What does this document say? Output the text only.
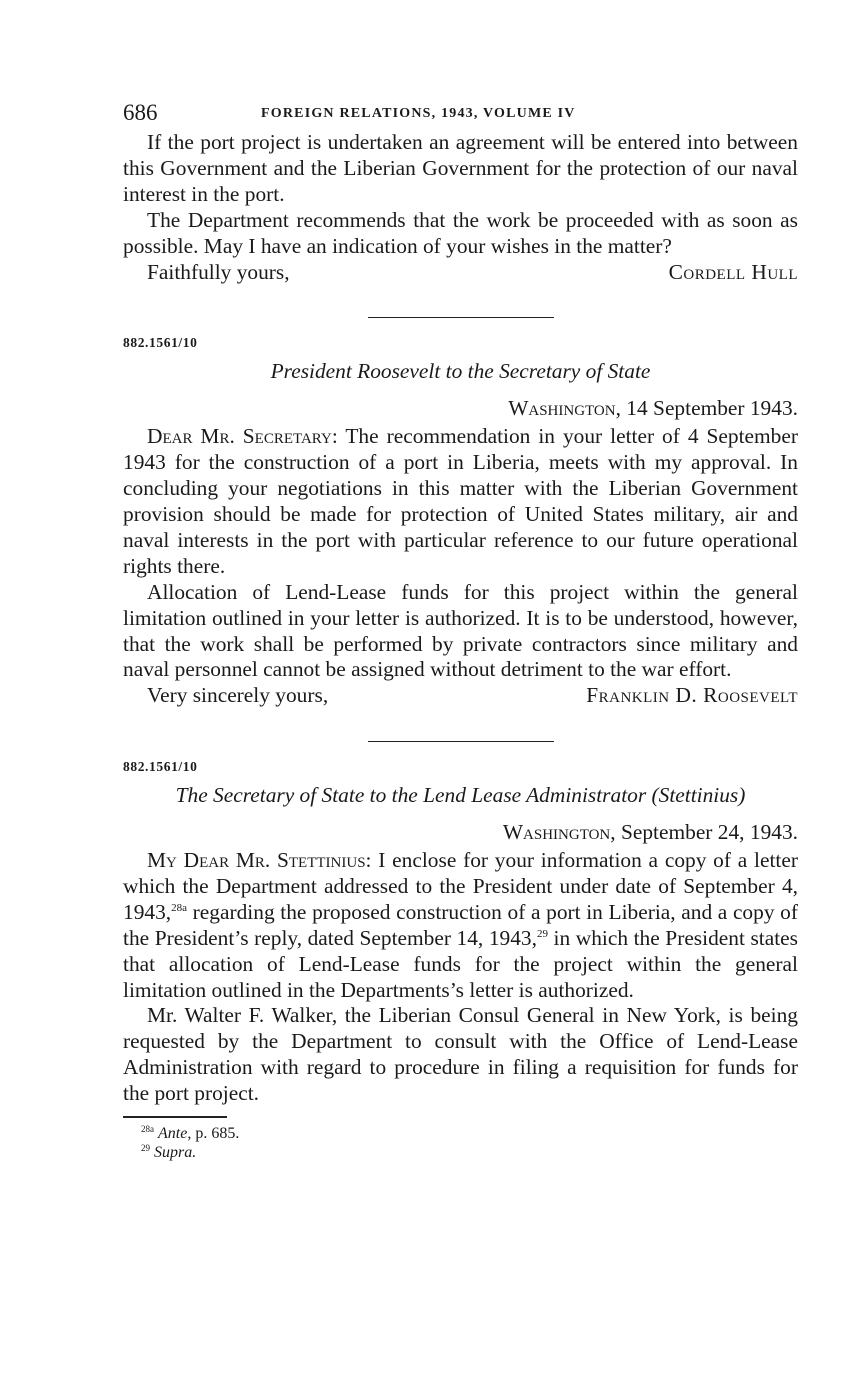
686	FOREIGN RELATIONS, 1943, VOLUME IV

If the port project is undertaken an agreement will be entered into between this Government and the Liberian Government for the protection of our naval interest in the port.

The Department recommends that the work be proceeded with as soon as possible. May I have an indication of your wishes in the matter?

Faithfully yours,	Cordell Hull
882.1561/10
President Roosevelt to the Secretary of State
Washington, 14 September 1943.

Dear Mr. Secretary: The recommendation in your letter of 4 September 1943 for the construction of a port in Liberia, meets with my approval. In concluding your negotiations in this matter with the Liberian Government provision should be made for protection of United States military, air and naval interests in the port with particular reference to our future operational rights there.

Allocation of Lend-Lease funds for this project within the general limitation outlined in your letter is authorized. It is to be understood, however, that the work shall be performed by private contractors since military and naval personnel cannot be assigned without detriment to the war effort.

Very sincerely yours,	Franklin D. Roosevelt
882.1561/10
The Secretary of State to the Lend Lease Administrator (Stettinius)
Washington, September 24, 1943.

My Dear Mr. Stettinius: I enclose for your information a copy of a letter which the Department addressed to the President under date of September 4, 1943,$^{28a}$ regarding the proposed construction of a port in Liberia, and a copy of the President’s reply, dated September 14, 1943,29 in which the President states that allocation of Lend-Lease funds for the project within the general limitation outlined in the Departments’s letter is authorized.

Mr. Walter F. Walker, the Liberian Consul General in New York, is being requested by the Department to consult with the Office of Lend-Lease Administration with regard to procedure in filing a requisition for funds for the port project.

$^{28a}$ Ante, p. 685.
$^{29}$ Supra.
